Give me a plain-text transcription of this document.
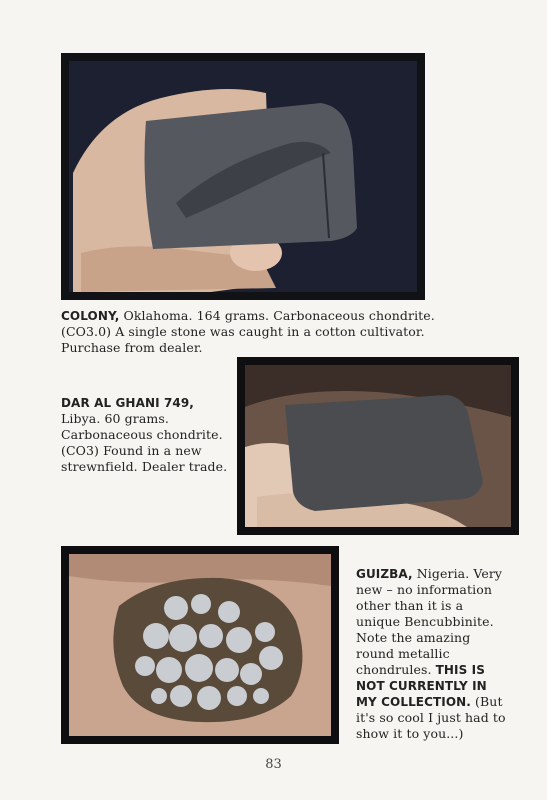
COLONY, Oklahoma. 164 grams. Carbonaceous chondrite. (CO3.0) A single stone was caught in a cotton cultivator. Purchase from dealer.
DAR AL GHANI 749,
Libya. 60 grams. Carbonaceous chondrite. (CO3) Found in a new strewnfield. Dealer trade.
GUIZBA, Nigeria. Very new – no information other than it is a unique Bencubbinite. Note the amazing round metallic chondrules. THIS IS NOT CURRENTLY IN MY COLLECTION. (But it's so cool I just had to show it to you...)
83
